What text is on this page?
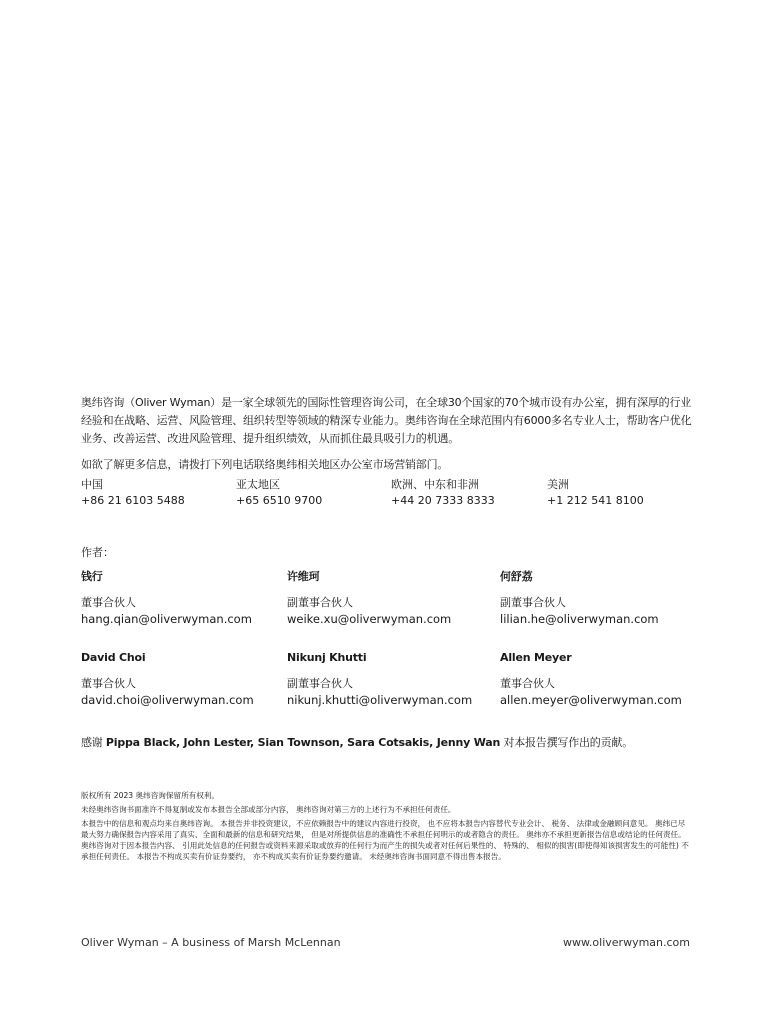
奥纬咨询（Oliver Wyman）是一家全球领先的国际性管理咨询公司，在全球30个国家的70个城市设有办公室，拥有深厚的行业经验和在战略、运营、风险管理、组织转型等领域的精深专业能力。奥纬咨询在全球范围内有6000多名专业人士，帮助客户优化业务、改善运营、改进风险管理、提升组织绩效，从而抓住最具吸引力的机遇。

如欲了解更多信息，请拨打下列电话联络奥纬相关地区办公室市场营销部门。

中国
+86 21 6103 5488
亚太地区
+65 6510 9700
欧洲、中东和非洲
+44 20 7333 8333
美洲
+1 212 541 8100
作者：
钱行
董事合伙人
hang.qian@oliverwyman.com
许维珂
副董事合伙人
weike.xu@oliverwyman.com
何舒荔
副董事合伙人
lilian.he@oliverwyman.com
David Choi
董事合伙人
david.choi@oliverwyman.com
Nikunj Khutti
副董事合伙人
nikunj.khutti@oliverwyman.com
Allen Meyer
董事合伙人
allen.meyer@oliverwyman.com
感谢 Pippa Black, John Lester, Sian Townson, Sara Cotsakis, Jenny Wan 对本报告撰写作出的贡献。

版权所有 2023 奥纬咨询保留所有权利。

未经奥纬咨询书面准许不得复制或发布本报告全部或部分内容， 奥纬咨询对第三方的上述行为不承担任何责任。

本报告中的信息和观点均来自奥纬咨询。 本报告并非投资建议，不应依赖报告中的建议内容进行投资， 也不应将本报告内容替代专业会计、 税务、 法律或金融顾问意见。 奥纬已尽最大努力确保报告内容采用了真实、全面和最新的信息和研究结果， 但是对所提供信息的准确性不承担任何明示的或者隐含的责任。 奥纬亦不承担更新报告信息或结论的任何责任。 奥纬咨询对于因本报告内容、 引用此处信息的任何报告或资料来源采取或放弃的任何行为而产生的损失或者对任何后果性的、 特殊的、 相似的损害(即使得知该损害发生的可能性) 不承担任何责任。 本报告不构成买卖有价证券要约， 亦不构成买卖有价证券要约邀请。 未经奥纬咨询书面同意不得出售本报告。

Oliver Wyman – A business of Marsh McLennan	www.oliverwyman.com
